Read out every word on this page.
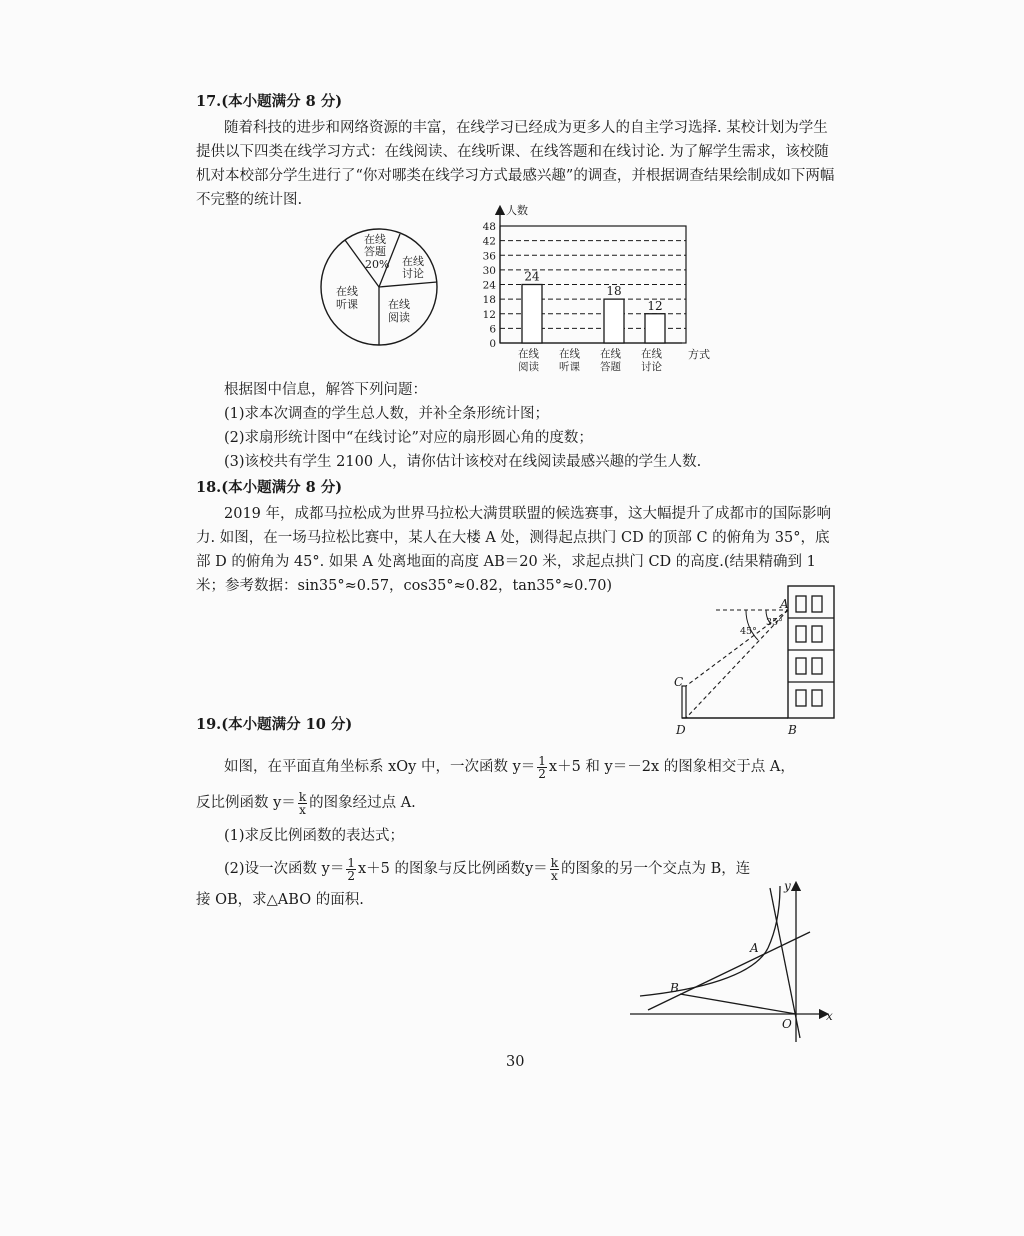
17.(本小题满分 8 分)
随着科技的进步和网络资源的丰富，在线学习已经成为更多人的自主学习选择. 某校计划为学生提供以下四类在线学习方式：在线阅读、在线听课、在线答题和在线讨论. 为了解学生需求，该校随机对本校部分学生进行了“你对哪类在线学习方式最感兴趣”的调查，并根据调查结果绘制成如下两幅不完整的统计图.
在线
答题
20% 在线
讨论
在线
听课	在线
阅读
人数
方式
0
6
12
18
24
30
36
42
48
24
18
12
在线
阅读
在线
听课
在线
答题
在线
讨论
根据图中信息，解答下列问题：
(1)求本次调查的学生总人数，并补全条形统计图；
(2)求扇形统计图中“在线讨论”对应的扇形圆心角的度数；
(3)该校共有学生 2100 人，请你估计该校对在线阅读最感兴趣的学生人数.
18.(本小题满分 8 分)
2019 年，成都马拉松成为世界马拉松大满贯联盟的候选赛事，这大幅提升了成都市的国际影响力. 如图，在一场马拉松比赛中，某人在大楼 A 处，测得起点拱门 CD 的顶部 C 的俯角为 35°，底部 D 的俯角为 45°. 如果 A 处离地面的高度 AB＝20 米，求起点拱门 CD 的高度.(结果精确到 1 米；参考数据：sin35°≈0.57，cos35°≈0.82，tan35°≈0.70)
45°
35°
A
B
C
D
19.(本小题满分 10 分)
如图，在平面直角坐标系 xOy 中，一次函数 $y= \frac{1}{2} x+5$ 和 y＝－2x 的图象相交于点 A，
反比例函数 $y= \frac{k}{x}$ 的图象经过点 A.
(1)求反比例函数的表达式；
(2)设一次函数 $y= \frac{1}{2} x+5$ 的图象与反比例函数$y= \frac{k}{x}$ 的图象的另一个交点为 B，连
接 OB，求△ABO 的面积.
A
B
O
x
y
30
